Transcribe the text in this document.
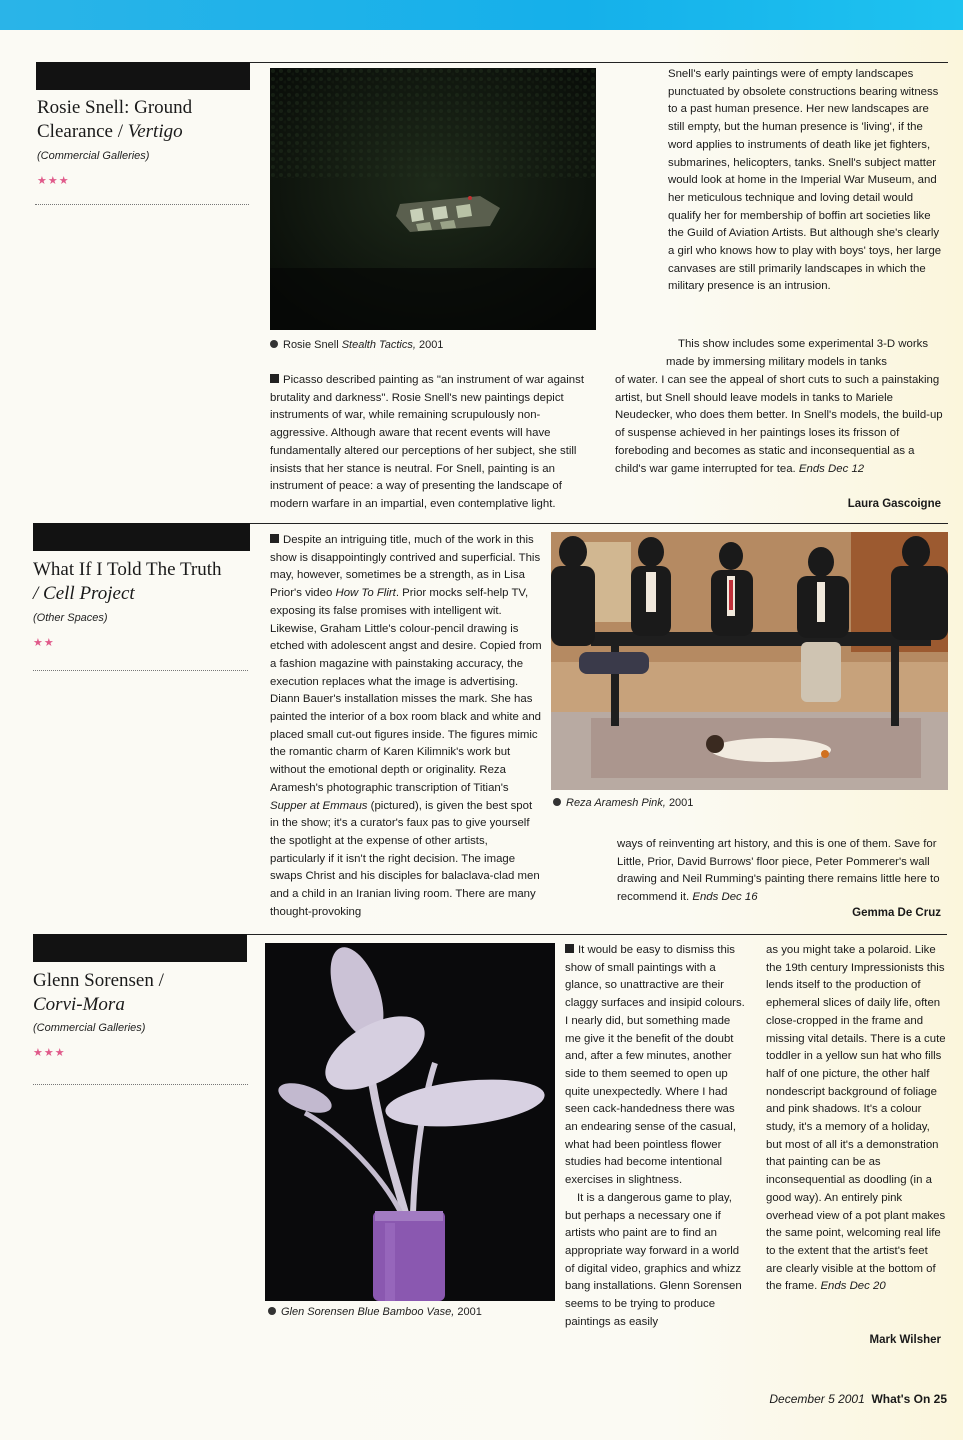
Rosie Snell: Ground Clearance / Vertigo
(Commercial Galleries)
★★★
Rosie Snell Stealth Tactics, 2001
Picasso described painting as "an instrument of war against brutality and darkness". Rosie Snell's new paintings depict instruments of war, while remaining scrupulously non-aggressive. Although aware that recent events will have fundamentally altered our perceptions of her subject, she still insists that her stance is neutral. For Snell, painting is an instrument of peace: a way of presenting the landscape of modern warfare in an impartial, even contemplative light.
Snell's early paintings were of empty landscapes punctuated by obsolete constructions bearing witness to a past human presence. Her new landscapes are still empty, but the human presence is 'living', if the word applies to instruments of death like jet fighters, submarines, helicopters, tanks. Snell's subject matter would look at home in the Imperial War Museum, and her meticulous technique and loving detail would qualify her for membership of boffin art societies like the Guild of Aviation Artists. But although she's clearly a girl who knows how to play with boys' toys, her large canvases are still primarily landscapes in which the military presence is an intrusion.
This show includes some experimental 3-D works made by immersing military models in tanks
of water. I can see the appeal of short cuts to such a painstaking artist, but Snell should leave models in tanks to Mariele Neudecker, who does them better. In Snell's models, the build-up of suspense achieved in her paintings loses its frisson of foreboding and becomes as static and inconsequential as a child's war game interrupted for tea. Ends Dec 12
Laura Gascoigne
What If I Told The Truth
/ Cell Project
(Other Spaces)
★★
Despite an intriguing title, much of the work in this show is disappointingly contrived and superficial. This may, however, sometimes be a strength, as in Lisa Prior's video How To Flirt. Prior mocks self-help TV, exposing its false promises with intelligent wit. Likewise, Graham Little's colour-pencil drawing is etched with adolescent angst and desire. Copied from a fashion magazine with painstaking accuracy, the execution replaces what the image is advertising. Diann Bauer's installation misses the mark. She has painted the interior of a box room black and white and placed small cut-out figures inside. The figures mimic the romantic charm of Karen Kilimnik's work but without the emotional depth or originality. Reza Aramesh's photographic transcription of Titian's Supper at Emmaus (pictured), is given the best spot in the show; it's a curator's faux pas to give yourself the spotlight at the expense of other artists, particularly if it isn't the right decision. The image swaps Christ and his disciples for balaclava-clad men and a child in an Iranian living room. There are many thought-provoking
Reza Aramesh Pink, 2001
ways of reinventing art history, and this is one of them. Save for Little, Prior, David Burrows' floor piece, Peter Pommerer's wall drawing and Neil Rumming's painting there remains little here to recommend it. Ends Dec 16
Gemma De Cruz
Glenn Sorensen /
Corvi-Mora
(Commercial Galleries)
★★★
Glen Sorensen Blue Bamboo Vase, 2001
It would be easy to dismiss this show of small paintings with a glance, so unattractive are their claggy surfaces and insipid colours. I nearly did, but something made me give it the benefit of the doubt and, after a few minutes, another side to them seemed to open up quite unexpectedly. Where I had seen cack-handedness there was an endearing sense of the casual, what had been pointless flower studies had become intentional exercises in slightness.
It is a dangerous game to play, but perhaps a necessary one if artists who paint are to find an appropriate way forward in a world of digital video, graphics and whizz bang installations. Glenn Sorensen seems to be trying to produce paintings as easily
as you might take a polaroid. Like the 19th century Impressionists this lends itself to the production of ephemeral slices of daily life, often close-cropped in the frame and missing vital details. There is a cute toddler in a yellow sun hat who fills half of one picture, the other half nondescript background of foliage and pink shadows. It's a colour study, it's a memory of a holiday, but most of all it's a demonstration that painting can be as inconsequential as doodling (in a good way). An entirely pink overhead view of a pot plant makes the same point, welcoming real life to the extent that the artist's feet are clearly visible at the bottom of the frame. Ends Dec 20
Mark Wilsher
December 5 2001 What's On 25
